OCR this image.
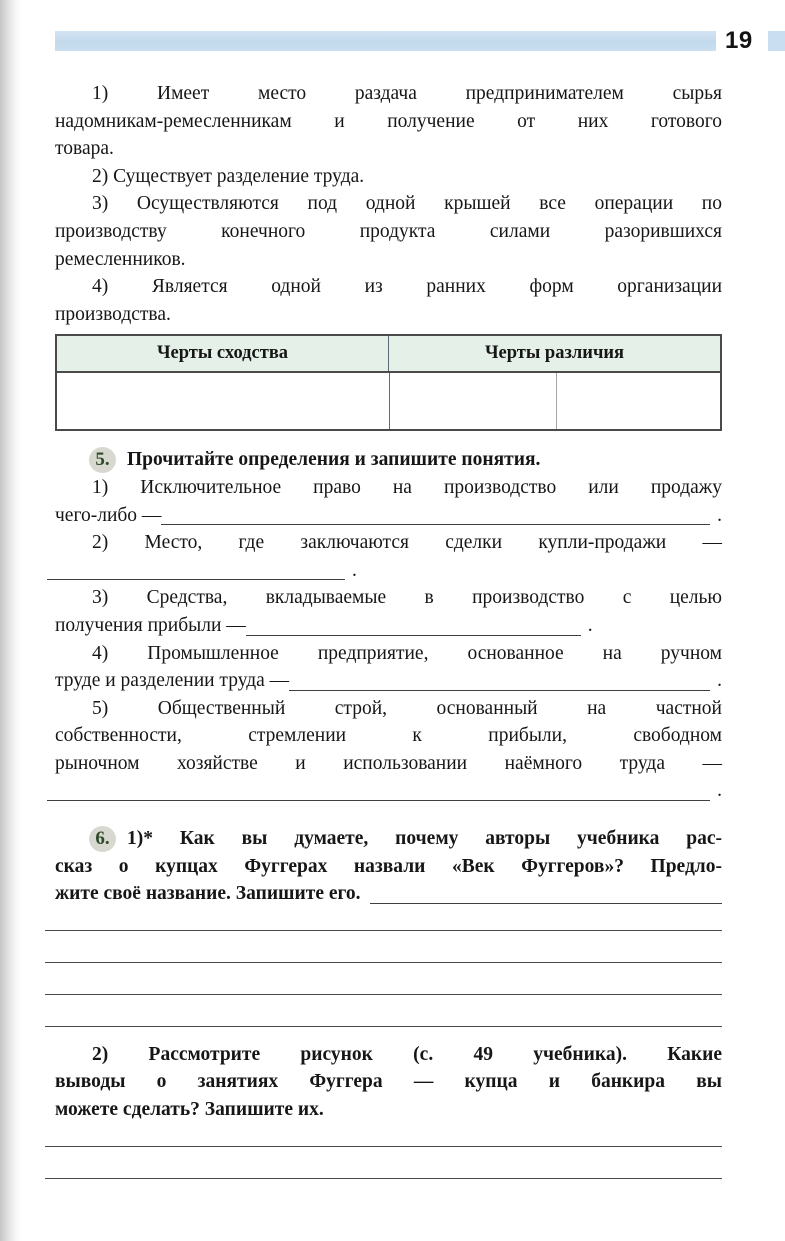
19
1) Имеет место раздача предпринимателем сырья
надомникам-ремесленникам и получение от них готового
товара.
2) Существует разделение труда.
3) Осуществляются под одной крышей все операции по
производству конечного продукта силами разорившихся
ремесленников.
4) Является одной из ранних форм организации
производства.
Черты сходства	Черты различия
5. Прочитайте определения и запишите понятия.
1) Исключительное право на производство или продажу
чего-либо —	.
2) Место, где заключаются сделки купли-продажи —
.
3) Средства, вкладываемые в производство с целью
получения прибыли —	.
4) Промышленное предприятие, основанное на ручном
труде и разделении труда —	.
5) Общественный строй, основанный на частной
собственности, стремлении к прибыли, свободном
рыночном хозяйстве и использовании наёмного труда —
.
6. 1)* Как вы думаете, почему авторы учебника рас-
сказ о купцах Фуггерах назвали «Век Фуггеров»? Предло-
жите своё название. Запишите его.
2) Рассмотрите рисунок (с. 49 учебника). Какие
выводы о занятиях Фуггера — купца и банкира вы
можете сделать? Запишите их.
